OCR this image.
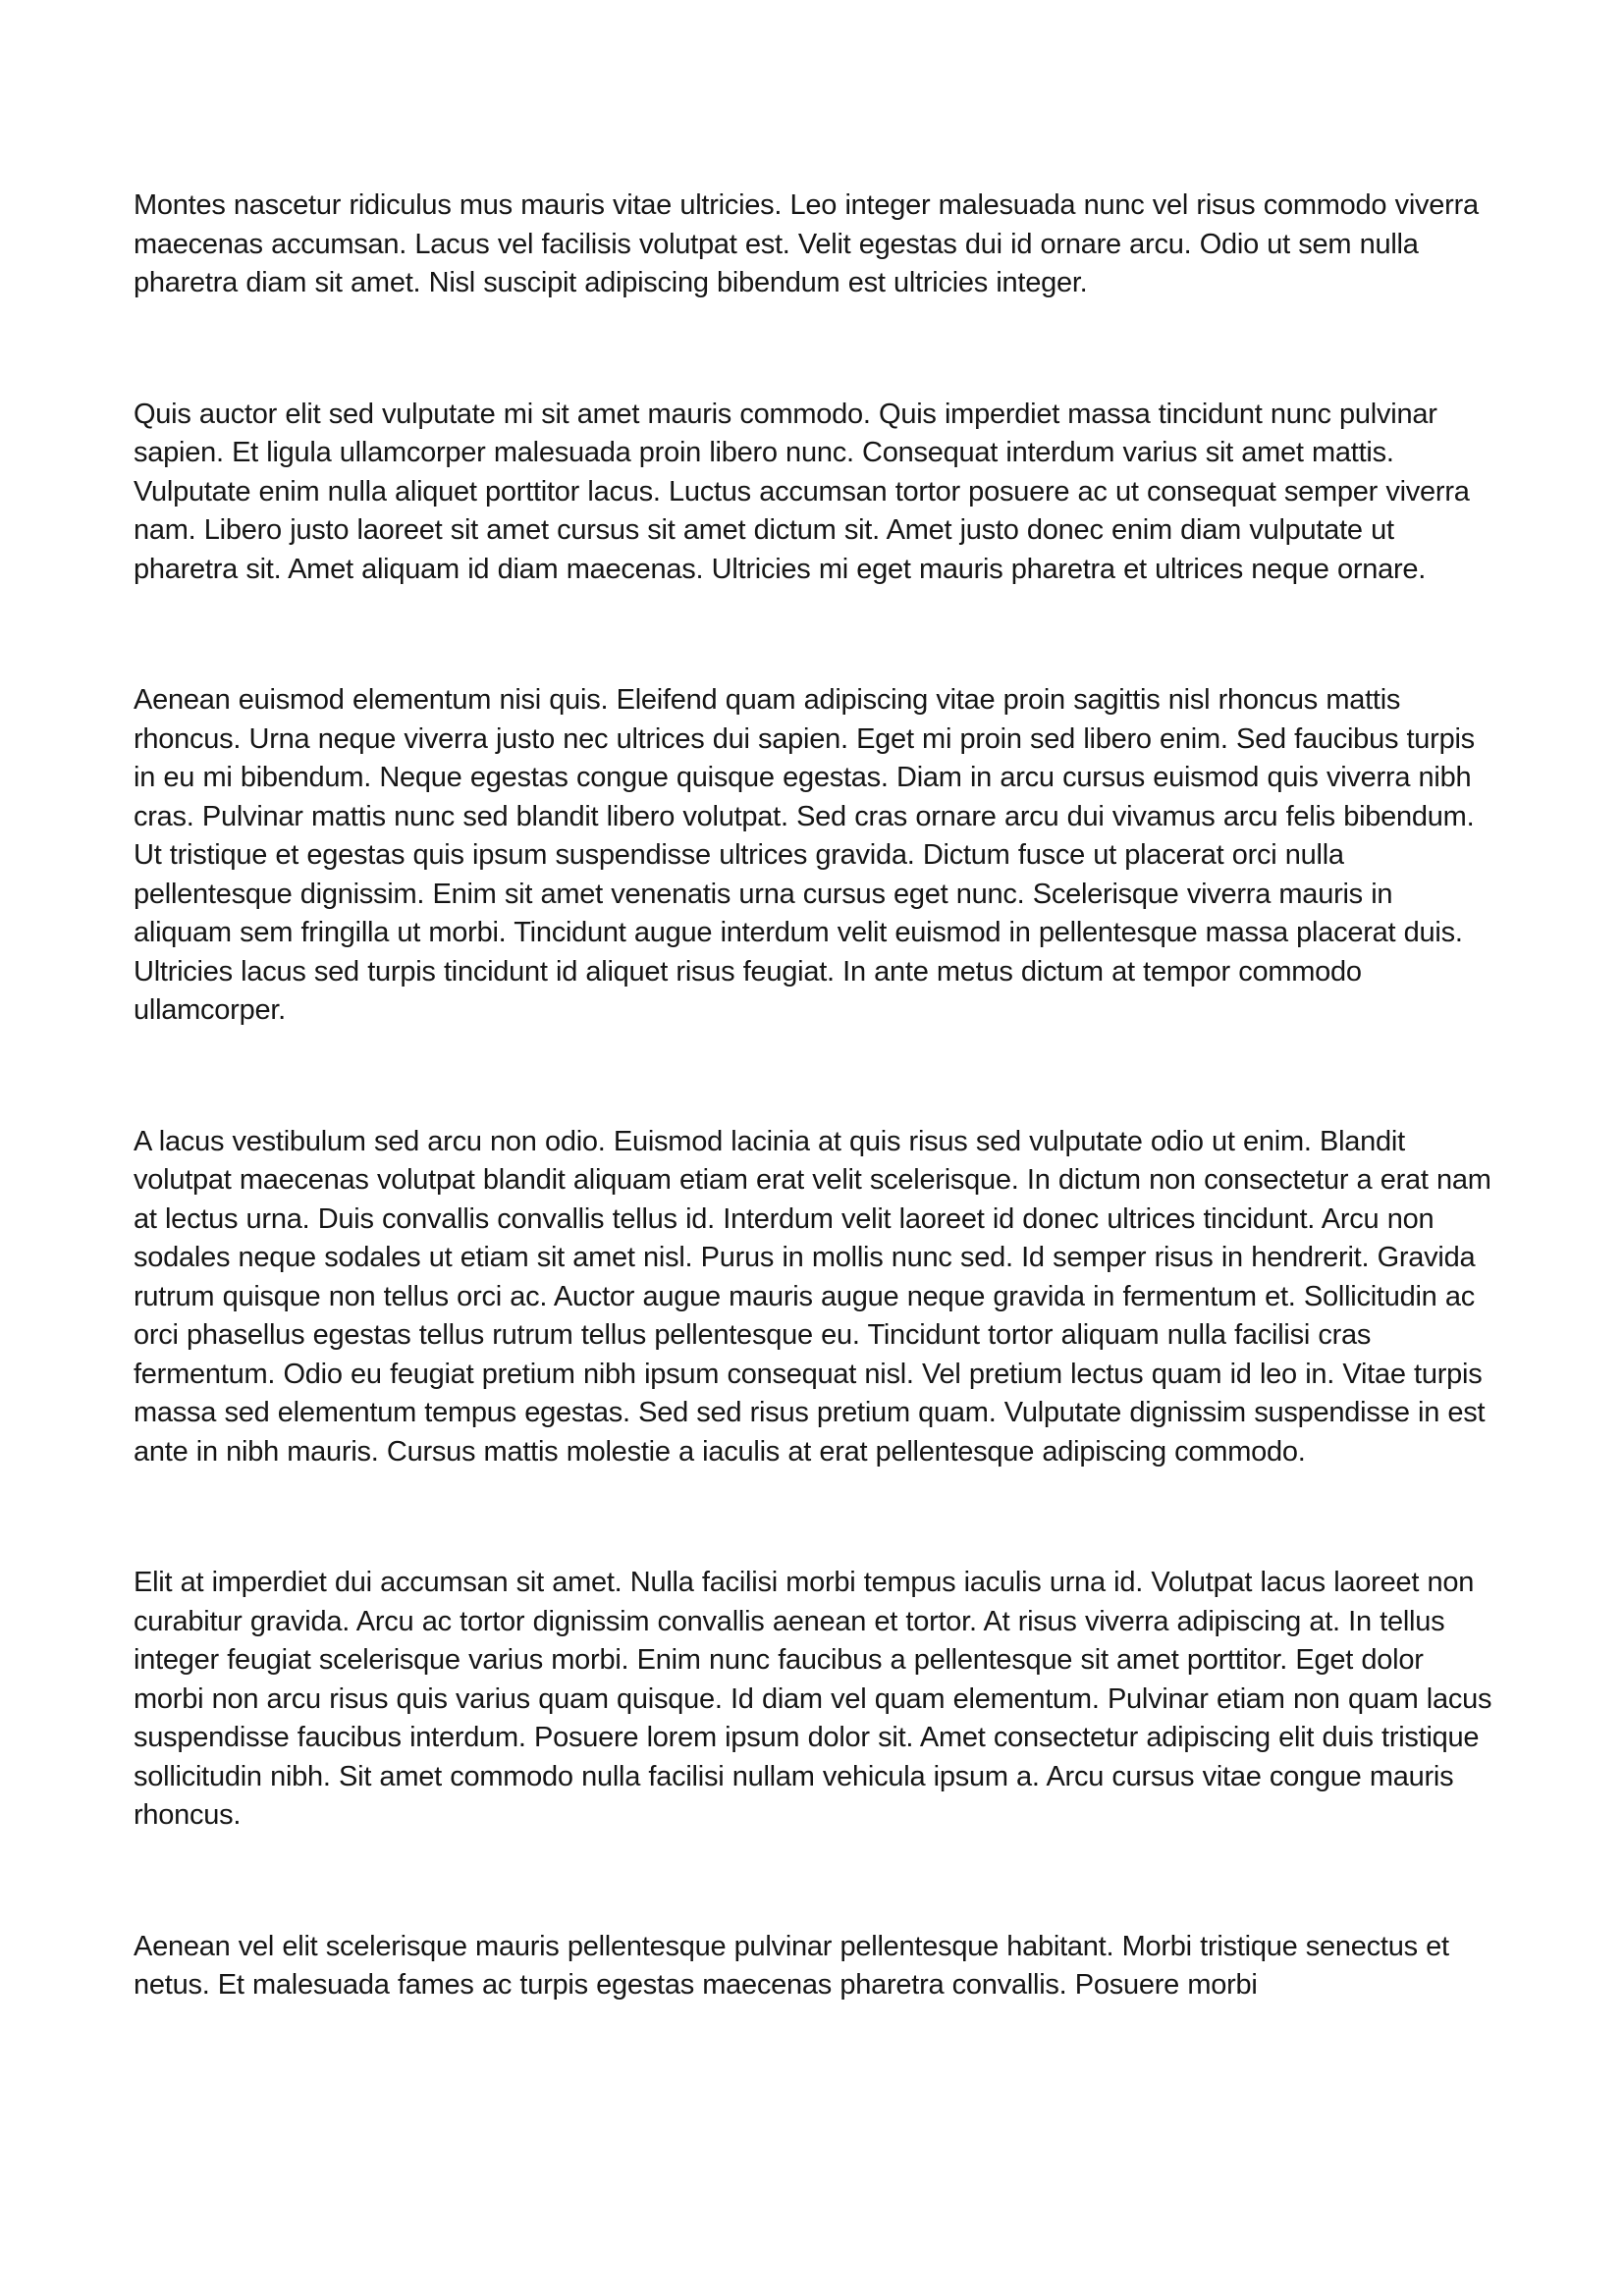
Montes nascetur ridiculus mus mauris vitae ultricies. Leo integer malesuada nunc vel risus commodo viverra maecenas accumsan. Lacus vel facilisis volutpat est. Velit egestas dui id ornare arcu. Odio ut sem nulla pharetra diam sit amet. Nisl suscipit adipiscing bibendum est ultricies integer.

Quis auctor elit sed vulputate mi sit amet mauris commodo. Quis imperdiet massa tincidunt nunc pulvinar sapien. Et ligula ullamcorper malesuada proin libero nunc. Consequat interdum varius sit amet mattis. Vulputate enim nulla aliquet porttitor lacus. Luctus accumsan tortor posuere ac ut consequat semper viverra nam. Libero justo laoreet sit amet cursus sit amet dictum sit. Amet justo donec enim diam vulputate ut pharetra sit. Amet aliquam id diam maecenas. Ultricies mi eget mauris pharetra et ultrices neque ornare.

Aenean euismod elementum nisi quis. Eleifend quam adipiscing vitae proin sagittis nisl rhoncus mattis rhoncus. Urna neque viverra justo nec ultrices dui sapien. Eget mi proin sed libero enim. Sed faucibus turpis in eu mi bibendum. Neque egestas congue quisque egestas. Diam in arcu cursus euismod quis viverra nibh cras. Pulvinar mattis nunc sed blandit libero volutpat. Sed cras ornare arcu dui vivamus arcu felis bibendum. Ut tristique et egestas quis ipsum suspendisse ultrices gravida. Dictum fusce ut placerat orci nulla pellentesque dignissim. Enim sit amet venenatis urna cursus eget nunc. Scelerisque viverra mauris in aliquam sem fringilla ut morbi. Tincidunt augue interdum velit euismod in pellentesque massa placerat duis. Ultricies lacus sed turpis tincidunt id aliquet risus feugiat. In ante metus dictum at tempor commodo ullamcorper.

A lacus vestibulum sed arcu non odio. Euismod lacinia at quis risus sed vulputate odio ut enim. Blandit volutpat maecenas volutpat blandit aliquam etiam erat velit scelerisque. In dictum non consectetur a erat nam at lectus urna. Duis convallis convallis tellus id. Interdum velit laoreet id donec ultrices tincidunt. Arcu non sodales neque sodales ut etiam sit amet nisl. Purus in mollis nunc sed. Id semper risus in hendrerit. Gravida rutrum quisque non tellus orci ac. Auctor augue mauris augue neque gravida in fermentum et. Sollicitudin ac orci phasellus egestas tellus rutrum tellus pellentesque eu. Tincidunt tortor aliquam nulla facilisi cras fermentum. Odio eu feugiat pretium nibh ipsum consequat nisl. Vel pretium lectus quam id leo in. Vitae turpis massa sed elementum tempus egestas. Sed sed risus pretium quam. Vulputate dignissim suspendisse in est ante in nibh mauris. Cursus mattis molestie a iaculis at erat pellentesque adipiscing commodo.

Elit at imperdiet dui accumsan sit amet. Nulla facilisi morbi tempus iaculis urna id. Volutpat lacus laoreet non curabitur gravida. Arcu ac tortor dignissim convallis aenean et tortor. At risus viverra adipiscing at. In tellus integer feugiat scelerisque varius morbi. Enim nunc faucibus a pellentesque sit amet porttitor. Eget dolor morbi non arcu risus quis varius quam quisque. Id diam vel quam elementum. Pulvinar etiam non quam lacus suspendisse faucibus interdum. Posuere lorem ipsum dolor sit. Amet consectetur adipiscing elit duis tristique sollicitudin nibh. Sit amet commodo nulla facilisi nullam vehicula ipsum a. Arcu cursus vitae congue mauris rhoncus.

Aenean vel elit scelerisque mauris pellentesque pulvinar pellentesque habitant. Morbi tristique senectus et netus. Et malesuada fames ac turpis egestas maecenas pharetra convallis. Posuere morbi
